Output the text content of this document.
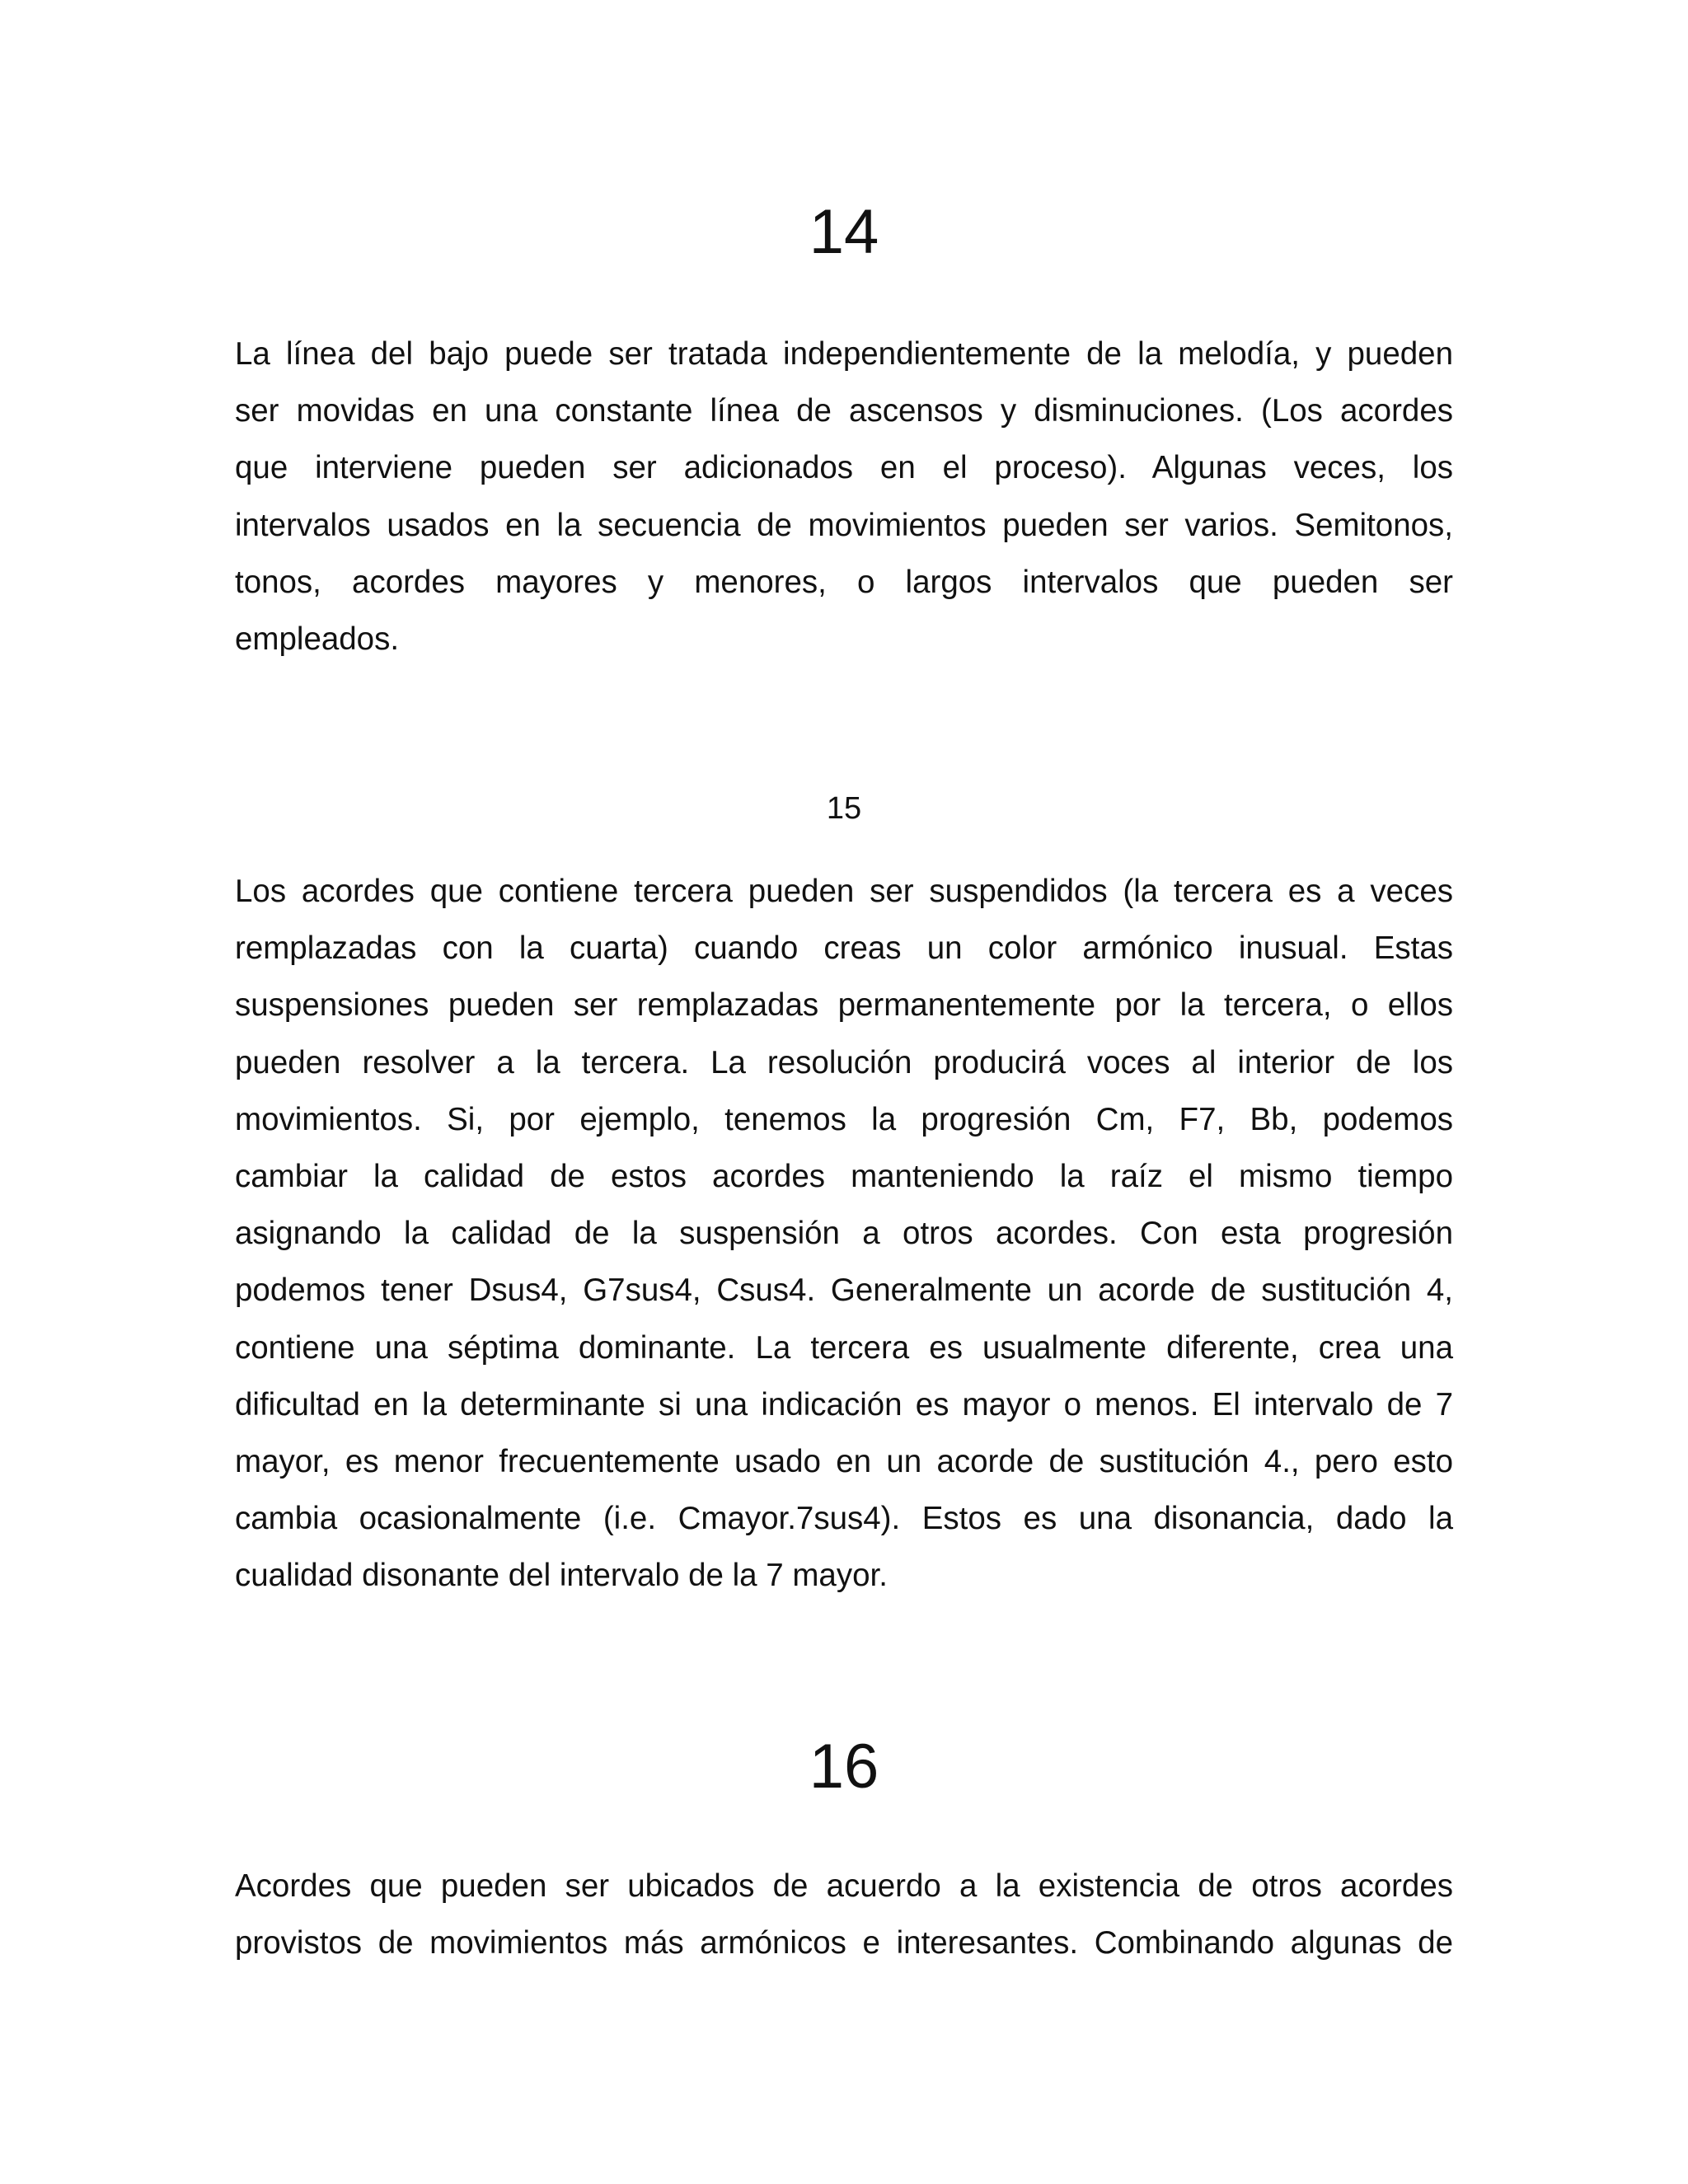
14
La línea del bajo puede ser tratada independientemente de la melodía, y pueden
ser movidas en una constante línea de ascensos y disminuciones. (Los acordes
que interviene pueden ser adicionados en el proceso). Algunas veces, los
intervalos usados en la secuencia de movimientos pueden ser varios. Semitonos,
tonos, acordes mayores y menores, o largos intervalos que pueden ser
empleados.
15
Los acordes que contiene tercera pueden ser suspendidos (la tercera es a veces
remplazadas con la cuarta) cuando creas un color armónico inusual. Estas
suspensiones pueden ser remplazadas permanentemente por la tercera, o ellos
pueden resolver a la tercera. La resolución producirá voces al interior de los
movimientos. Si, por ejemplo, tenemos la progresión Cm, F7, Bb, podemos
cambiar la calidad de estos acordes manteniendo la raíz el mismo tiempo
asignando la calidad de la suspensión a otros acordes. Con esta progresión
podemos tener Dsus4, G7sus4, Csus4. Generalmente un acorde de sustitución 4,
contiene una séptima dominante. La tercera es usualmente diferente, crea una
dificultad en la determinante si una indicación es mayor o menos. El intervalo de 7
mayor, es menor frecuentemente usado en un acorde de sustitución 4., pero esto
cambia ocasionalmente (i.e. Cmayor.7sus4). Estos es una disonancia, dado la
cualidad disonante del intervalo de la 7 mayor.
16
Acordes que pueden ser ubicados de acuerdo a la existencia de otros acordes
provistos de movimientos más armónicos e interesantes. Combinando algunas de
